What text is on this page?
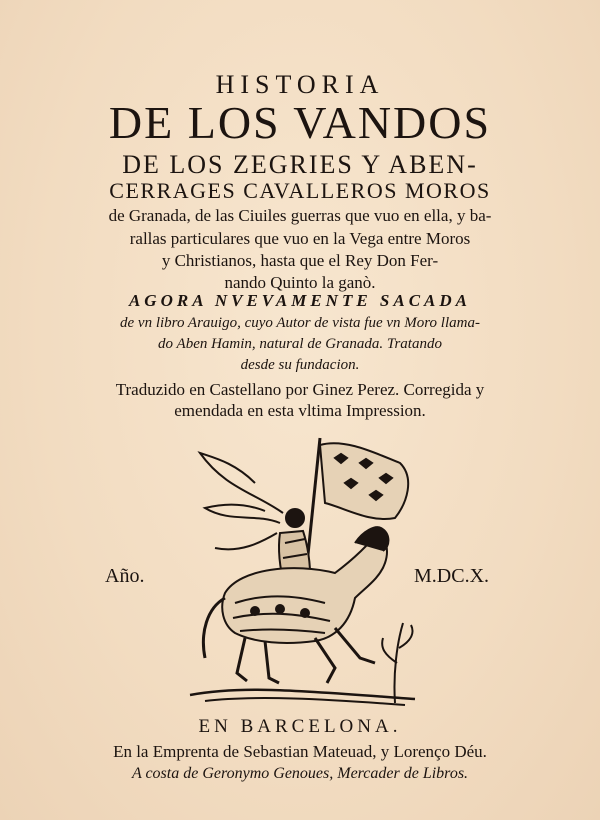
HISTORIA
DE LOS VANDOS
DE LOS ZEGRIES Y ABEN-
CERRAGES CAVALLEROS MOROS
de Granada, de las Ciuiles guerras que vuo en ella, y ba-
rallas particulares que vuo en la Vega entre Moros
y Christianos, hasta que el Rey Don Fer-
nando Quinto la ganò.
AGORA NVEVAMENTE SACADA
de vn libro Arauigo, cuyo Autor de vista fue vn Moro llama-
do Aben Hamin, natural de Granada. Tratando
desde su fundacion.
Traduzido en Castellano por Ginez Perez. Corregida y
emendada en esta vltima Impression.
Año.	M.DC.X.
EN BARCELONA.
En la Emprenta de Sebastian Mateuad, y Lorenço Déu.
A costa de Geronymo Genoues, Mercader de Libros.
